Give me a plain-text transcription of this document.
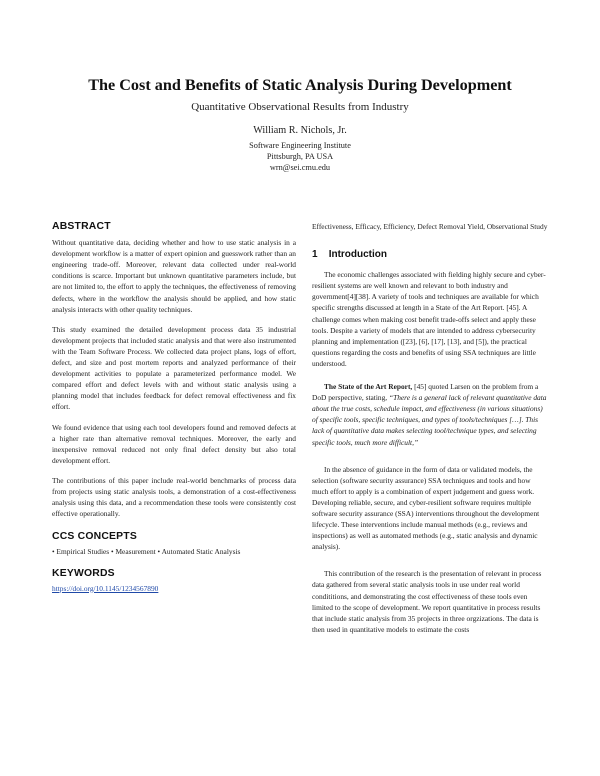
The Cost and Benefits of Static Analysis During Development
Quantitative Observational Results from Industry
William R. Nichols, Jr.
Software Engineering Institute
Pittsburgh, PA USA
wrn@sei.cmu.edu
ABSTRACT

Without quantitative data, deciding whether and how to use static analysis in a development workflow is a matter of expert opinion and guesswork rather than an engineering trade-off. Moreover, relevant data collected under real-world conditions is scarce. Important but unknown quantitative parameters include, but are not limited to, the effort to apply the techniques, the effectiveness of removing defects, where in the workflow the analysis should be applied, and how static analysis interacts with other quality techniques.

This study examined the detailed development process data 35 industrial development projects that included static analysis and that were also instrumented with the Team Software Process. We collected data project plans, logs of effort, defect, and size and post mortem reports and analyzed performance of their development activities to populate a parameterized performance model. We compared effort and defect levels with and without static analysis using a planning model that includes feedback for defect removal effectiveness and fix effort.

We found evidence that using each tool developers found and removed defects at a higher rate than alternative removal techniques. Moreover, the early and inexpensive removal reduced not only final defect density but also total development effort.

The contributions of this paper include real-world benchmarks of process data from projects using static analysis tools, a demonstration of a cost-effectiveness analysis using this data, and a recommendation these tools were consistently cost effective operationally.

CCS CONCEPTS

• Empirical Studies • Measurement • Automated Static Analysis

KEYWORDS

https://doi.org/10.1145/1234567890

Effectiveness, Efficacy, Efficiency, Defect Removal Yield, Observational Study

1 Introduction

The economic challenges associated with fielding highly secure and cyber-resilient systems are well known and relevant to both industry and government[4][38]. A variety of tools and techniques are available for which specific strengths discussed at length in a State of the Art Report. [45]. A challenge comes when making cost benefit trade-offs select and apply these tools. Despite a variety of models that are intended to address cybersecurity planning and implementation ([23], [6], [17], [13], and [5]), the practical questions regarding the costs and benefits of using SSA techniques are little understood.

The State of the Art Report, [45] quoted Larsen on the problem from a DoD perspective, stating, “There is a general lack of relevant quantitative data about the true costs, schedule impact, and effectiveness (in various situations) of specific tools, specific techniques, and types of tools/techniques […]. This lack of quantitative data makes selecting tool/technique types, and selecting specific tools, much more difficult,”

In the absence of guidance in the form of data or validated models, the selection (software security assurance) SSA techniques and tools and how much effort to apply is a combination of expert judgement and guess work. Developing reliable, secure, and cyber-resilient software requires multiple software security assurance (SSA) interventions throughout the development lifecycle. These interventions include manual methods (e.g., reviews and inspections) as well as automated methods (e.g., static analysis and dynamic analysis).

This contribution of the research is the presentation of relevant in process data gathered from several static analysis tools in use under real world condititions, and demonstrating the cost effectiveness of these tools even limited to the scope of development. We report quantitative in process results that include static analysis from 35 projects in three orgzizations. The data is then used in quantitative models to estimate the costs
